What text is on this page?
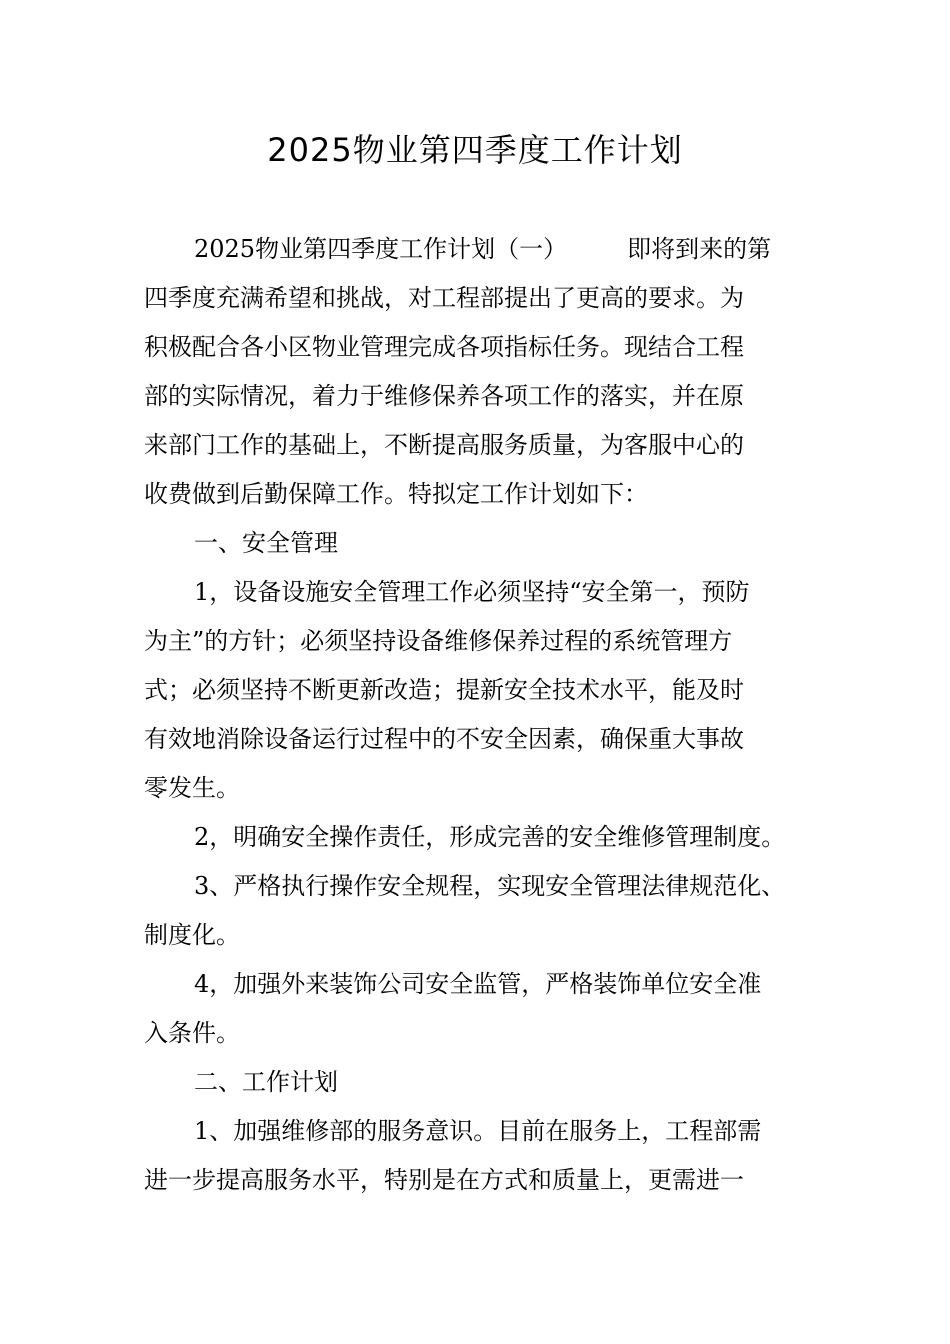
2025物业第四季度工作计划
2025物业第四季度工作计划（一）	即将到来的第
四季度充满希望和挑战，对工程部提出了更高的要求。为
积极配合各小区物业管理完成各项指标任务。现结合工程
部的实际情况，着力于维修保养各项工作的落实，并在原
来部门工作的基础上，不断提高服务质量，为客服中心的
收费做到后勤保障工作。特拟定工作计划如下：
一、安全管理
1，设备设施安全管理工作必须坚持“安全第一，预防
为主”的方针；必须坚持设备维修保养过程的系统管理方
式；必须坚持不断更新改造；提新安全技术水平，能及时
有效地消除设备运行过程中的不安全因素，确保重大事故
零发生。
2，明确安全操作责任，形成完善的安全维修管理制度。
3、严格执行操作安全规程，实现安全管理法律规范化、
制度化。
4，加强外来装饰公司安全监管，严格装饰单位安全准
入条件。
二、工作计划
1、加强维修部的服务意识。目前在服务上，工程部需
进一步提高服务水平，特别是在方式和质量上，更需进一
